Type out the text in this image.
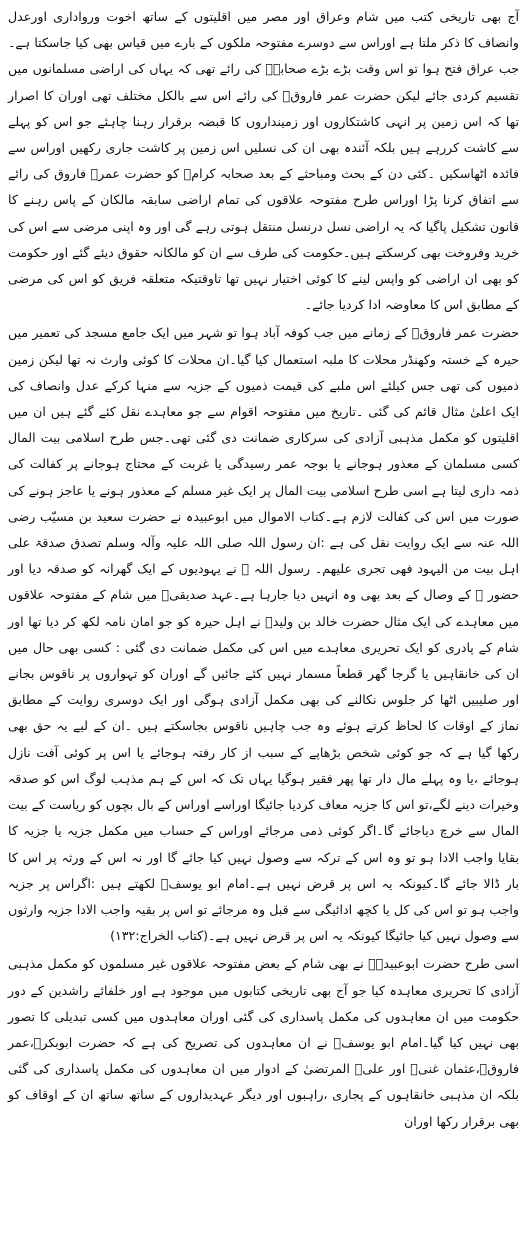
آج بھی تاریخی کتب میں شام وعراق اور مصر میں اقلیتوں کے ساتھ اخوت ورواداری اورعدل وانصاف کا ذکر ملتا ہے اوراس سے دوسرے مفتوحہ ملکوں کے بارے میں قیاس بھی کیا جاسکتا ہے۔ جب عراق فتح ہوا تو اس وقت بڑے بڑے صحابہؓ کی رائے تھی کہ یہاں کی اراضی مسلمانوں میں تقسیم کردی جائے لیکن حضرت عمر فاروقؓ کی رائے اس سے بالکل مختلف تھی اوران کا اصرار تھا کہ اس زمین پر انہی کاشتکاروں اور زمینداروں کا قبضہ برقرار رہنا چاہئے جو اس کو پہلے سے کاشت کررہے ہیں بلکہ آئندہ بھی ان کی نسلیں اس زمین پر کاشت جاری رکھیں اوراس سے فائدہ اٹھاسکیں ۔کئی دن کے بحث ومباحثے کے بعد صحابہ کرامؓ کو حضرت عمرؓ فاروق کی رائے سے اتفاق کرنا پڑا اوراس طرح مفتوحہ علاقوں کی تمام اراضی سابقہ مالکان کے پاس رہنے کا قانون تشکیل پاگیا کہ یہ اراضی نسل درنسل منتقل ہوتی رہے گی اور وہ اپنی مرضی سے اس کی خرید وفروخت بھی کرسکتے ہیں۔حکومت کی طرف سے ان کو مالکانہ حقوق دیئے گئے اور حکومت کو بھی ان اراضی کو واپس لینے کا کوئی اختیار نہیں تھا تاوقتیکہ متعلقہ فریق کو اس کی مرضی کے مطابق اس کا معاوضہ ادا کردیا جائے۔

حضرت عمر فاروقؓ کے زمانے میں جب کوفہ آباد ہوا تو شہر میں ایک جامع مسجد کی تعمیر میں حیرہ کے خستہ وکھنڈر محلات کا ملبہ استعمال کیا گیا۔ان محلات کا کوئی وارث نہ تھا لیکن زمین ذمیوں کی تھی جس کیلئے اس ملبے کی قیمت ذمیوں کے جزیہ سے منہا کرکے عدل وانصاف کی ایک اعلیٰ مثال قائم کی گئی ۔تاریخ میں مفتوحہ اقوام سے جو معاہدے نقل کئے گئے ہیں ان میں اقلیتوں کو مکمل مذہبی آزادی کی سرکاری ضمانت دی گئی تھی۔جس طرح اسلامی بیت المال کسی مسلمان کے معذور ہوجانے یا بوجہ عمر رسیدگی یا غربت کے محتاج ہوجانے پر کفالت کی ذمہ داری لیتا ہے اسی طرح اسلامی بیت المال پر ایک غیر مسلم کے معذور ہونے یا عاجز ہونے کی صورت میں اس کی کفالت لازم ہے۔کتاب الاموال میں ابوعبیدہ نے حضرت سعید بن مسیّب رضی اللہ عنہ سے ایک روایت نقل کی ہے :ان رسول اللہ صلی اللہ علیہ وآلہ وسلم تصدق صدقۃ علی اہل بیت من الیہود فھی تجری علیھم۔ رسول اللہ ﷺ نے یہودیوں کے ایک گھرانہ کو صدقہ دیا اور حضور ﷺ کے وصال کے بعد بھی وہ انہیں دیا جارہا ہے۔عہد صدیقیؓ میں شام کے مفتوحہ علاقوں میں معاہدے کی ایک مثال حضرت خالد بن ولیدؓ نے اہل حیرہ کو جو امان نامہ لکھ کر دیا تھا اور شام کے پادری کو ایک تحریری معاہدے میں اس کی مکمل ضمانت دی گئی : کسی بھی حال میں ان کی خانقاہیں یا گرجا گھر قطعاً مسمار نہیں کئے جائیں گے اوران کو تہواروں پر ناقوس بجانے اور صلیبیں اٹھا کر جلوس نکالنے کی بھی مکمل آزادی ہوگی اور ایک دوسری روایت کے مطابق نماز کے اوقات کا لحاظ کرتے ہوئے وہ جب چاہیں ناقوس بجاسکتے ہیں ۔ان کے لیے یہ حق بھی رکھا گیا ہے کہ جو کوئی شخص بڑھاپے کے سبب از کار رفتہ ہوجائے یا اس پر کوئی آفت نازل ہوجائے ،یا وہ پہلے مال دار تھا پھر فقیر ہوگیا یہاں تک کہ اس کے ہم مذہب لوگ اس کو صدقہ وخیرات دینے لگے،تو اس کا جزیہ معاف کردیا جائیگا اوراسے اوراس کے بال بچوں کو ریاست کے بیت المال سے خرچ دیاجائے گا۔اگر کوئی ذمی مرجائے اوراس کے حساب میں مکمل جزیہ یا جزیہ کا بقایا واجب الادا ہو تو وہ اس کے ترکہ سے وصول نہیں کیا جائے گا اور نہ اس کے ورثہ پر اس کا بار ڈالا جائے گا۔کیونکہ یہ اس پر قرض نہیں ہے۔امام ابو یوسفؒ لکھتے ہیں :اگراس پر جزیہ واجب ہو تو اس کی کل یا کچھ ادائیگی سے قبل وہ مرجائے تو اس پر بقیہ واجب الادا جزیہ وارثوں سے وصول نہیں کیا جائیگا کیونکہ یہ اس پر قرض نہیں ہے۔(کتاب الخراج:۱۳۲)

اسی طرح حضرت ابوعبیدہؓ نے بھی شام کے بعض مفتوحہ علاقوں غیر مسلموں کو مکمل مذہبی آزادی کا تحریری معاہدہ کیا جو آج بھی تاریخی کتابوں میں موجود ہے اور خلفائے راشدین کے دور حکومت میں ان معاہدوں کی مکمل پاسداری کی گئی اوران معاہدوں میں کسی تبدیلی کا تصور بھی نہیں کیا گیا۔امام ابو یوسفؒ نے ان معاہدوں کی تصریح کی ہے کہ حضرت ابوبکرؓ،عمر فاروقؓ،عثمان غنیؓ اور علیؓ المرتضیٰ کے ادوار میں ان معاہدوں کی مکمل پاسداری کی گئی بلکہ ان مذہبی خانقاہوں کے پجاری ،راہبوں اور دیگر عہدیداروں کے ساتھ ساتھ ان کے اوقاف کو بھی برقرار رکھا اوران
